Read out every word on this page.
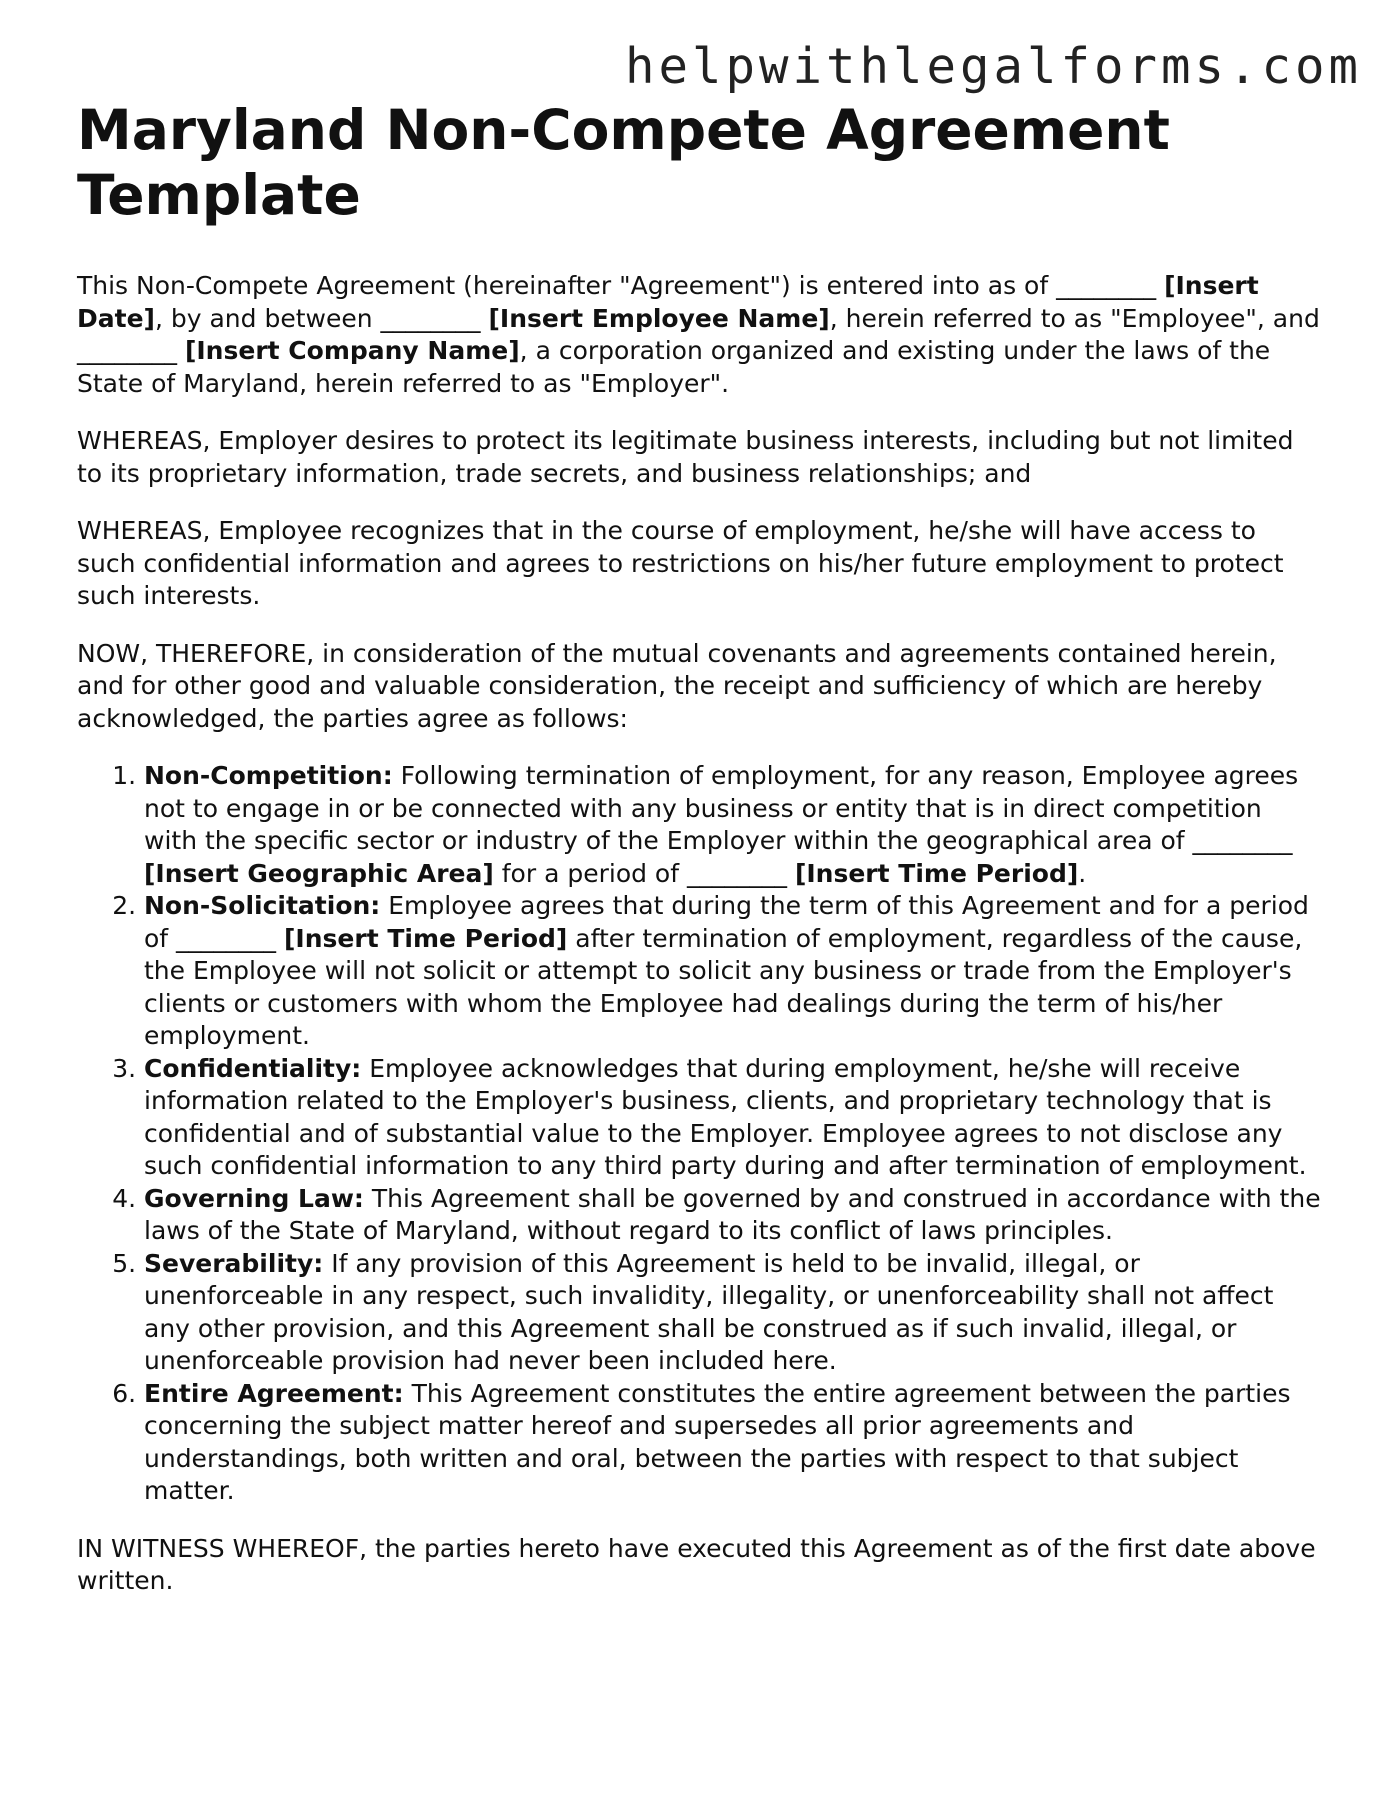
helpwithlegalforms.com
Maryland Non-Compete Agreement Template

This Non-Compete Agreement (hereinafter "Agreement") is entered into as of ________ [Insert Date], by and between ________ [Insert Employee Name], herein referred to as "Employee", and ________ [Insert Company Name], a corporation organized and existing under the laws of the State of Maryland, herein referred to as "Employer".

WHEREAS, Employer desires to protect its legitimate business interests, including but not limited to its proprietary information, trade secrets, and business relationships; and

WHEREAS, Employee recognizes that in the course of employment, he/she will have access to such confidential information and agrees to restrictions on his/her future employment to protect such interests.

NOW, THEREFORE, in consideration of the mutual covenants and agreements contained herein, and for other good and valuable consideration, the receipt and sufficiency of which are hereby acknowledged, the parties agree as follows:

1. Non-Competition: Following termination of employment, for any reason, Employee agrees not to engage in or be connected with any business or entity that is in direct competition with the specific sector or industry of the Employer within the geographical area of ________ [Insert Geographic Area] for a period of ________ [Insert Time Period].
2. Non-Solicitation: Employee agrees that during the term of this Agreement and for a period of ________ [Insert Time Period] after termination of employment, regardless of the cause, the Employee will not solicit or attempt to solicit any business or trade from the Employer's clients or customers with whom the Employee had dealings during the term of his/her employment.
3. Confidentiality: Employee acknowledges that during employment, he/she will receive information related to the Employer's business, clients, and proprietary technology that is confidential and of substantial value to the Employer. Employee agrees to not disclose any such confidential information to any third party during and after termination of employment.
4. Governing Law: This Agreement shall be governed by and construed in accordance with the laws of the State of Maryland, without regard to its conflict of laws principles.
5. Severability: If any provision of this Agreement is held to be invalid, illegal, or unenforceable in any respect, such invalidity, illegality, or unenforceability shall not affect any other provision, and this Agreement shall be construed as if such invalid, illegal, or unenforceable provision had never been included here.
6. Entire Agreement: This Agreement constitutes the entire agreement between the parties concerning the subject matter hereof and supersedes all prior agreements and understandings, both written and oral, between the parties with respect to that subject matter.

IN WITNESS WHEREOF, the parties hereto have executed this Agreement as of the first date above written.
